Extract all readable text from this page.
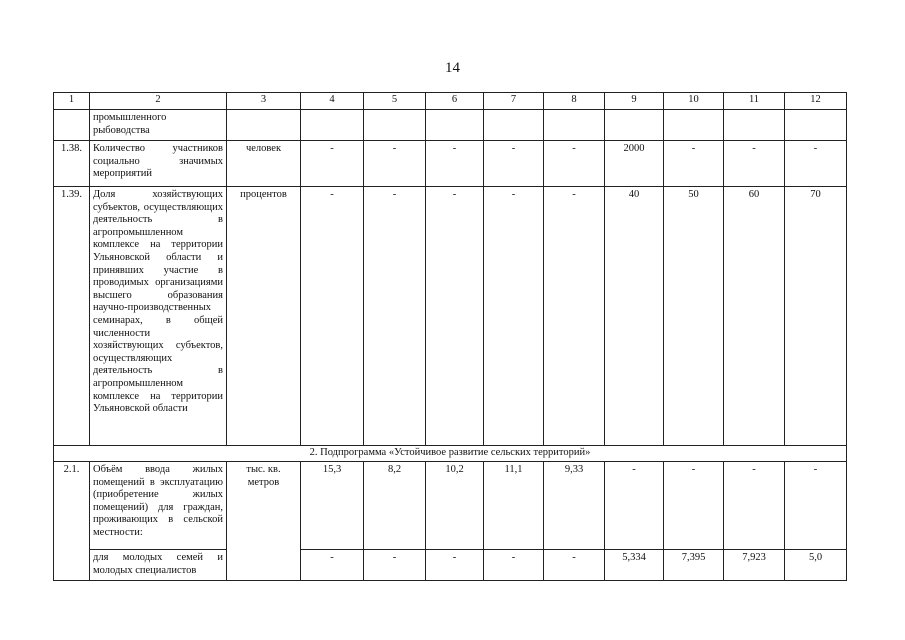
14
1	2	3	4	5	6	7	8	9	10	11	12
	промышленного рыбоводства										
1.38.	Количество участников социально значимых мероприятий	человек	-	-	-	-	-	2000	-	-	-
1.39.	Доля хозяйствующих субъектов, осуществляющих деятельность в агропромышленном комплексе на территории Ульяновской области и принявших участие в проводимых организациями высшего образования научно-производственных семинарах, в общей численности хозяйствующих субъектов, осуществляющих деятельность в агропромышленном комплексе на территории Ульяновской области	процентов	-	-	-	-	-	40	50	60	70
2. Подпрограмма «Устойчивое развитие сельских территорий»											
2.1.	Объём ввода жилых помещений в эксплуатацию (приобретение жилых помещений) для граждан, проживающих в сельской местности:	тыс. кв. метров	15,3	8,2	10,2	11,1	9,33	-	-	-	-
	для молодых семей и молодых специалистов		-	-	-	-	-	5,334	7,395	7,923	5,0
